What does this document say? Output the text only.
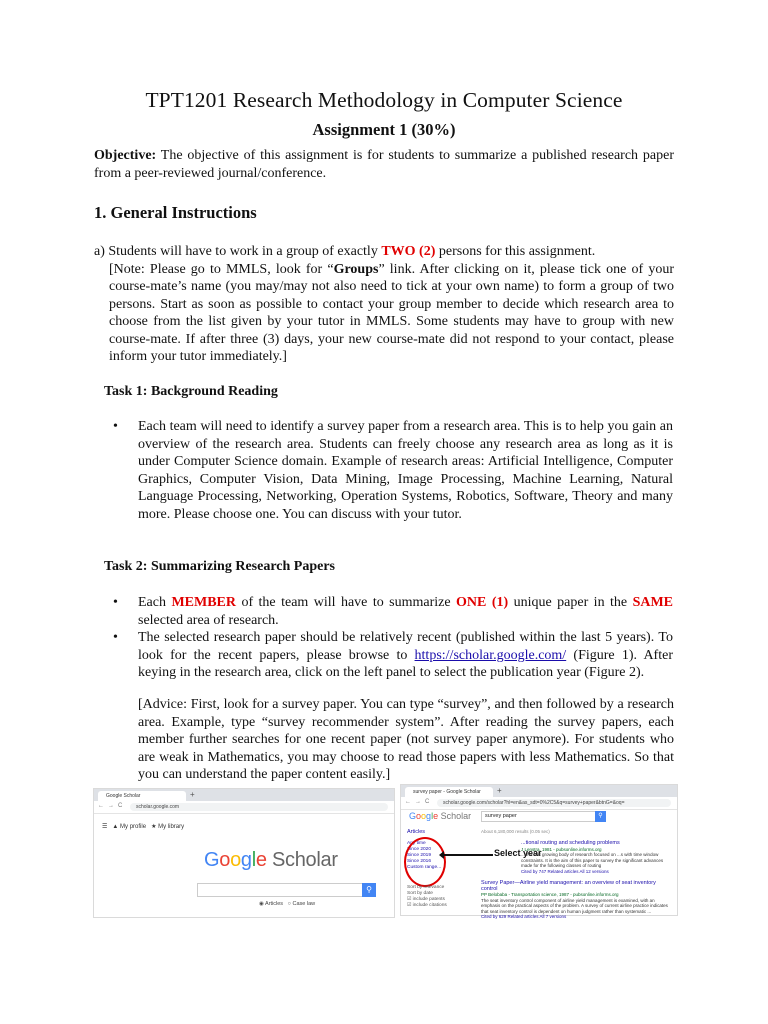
TPT1201 Research Methodology in Computer Science
Assignment 1 (30%)
Objective: The objective of this assignment is for students to summarize a published research paper from a peer-reviewed journal/conference.
1. General Instructions
a) Students will have to work in a group of exactly TWO (2) persons for this assignment.
[Note: Please go to MMLS, look for “Groups” link. After clicking on it, please tick one of your course-mate’s name (you may/may not also need to tick at your own name) to form a group of two persons. Start as soon as possible to contact your group member to decide which research area to choose from the list given by your tutor in MMLS. Some students may have to group with new course-mate. If after three (3) days, your new course-mate did not respond to your contact, please inform your tutor immediately.]
Task 1: Background Reading
• Each team will need to identify a survey paper from a research area. This is to help you gain an overview of the research area. Students can freely choose any research area as long as it is under Computer Science domain. Example of research areas: Artificial Intelligence, Computer Graphics, Computer Vision, Data Mining, Image Processing, Machine Learning, Natural Language Processing, Networking, Operation Systems, Robotics, Software, Theory and many more. Please choose one. You can discuss with your tutor.
Task 2: Summarizing Research Papers
• Each MEMBER of the team will have to summarize ONE (1) unique paper in the SAME selected area of research.
• The selected research paper should be relatively recent (published within the last 5 years). To look for the recent papers, please browse to https://scholar.google.com/ (Figure 1). After keying in the research area, click on the left panel to select the publication year (Figure 2).
[Advice: First, look for a survey paper. You can type “survey”, and then followed by a research area. Example, type “survey recommender system”. After reading the survey papers, each member further searches for one recent paper (not survey paper anymore). For students who are weak in Mathematics, you may choose to read those papers with less Mathematics. So that you can understand the paper content easily.]
Google Scholar	+
←→C	scholar.google.com
☰ ▲ My profile ★ My library
Google Scholar
⚲
◉ Articles   ○ Case law
survey paper - Google Scholar	+
←→C	scholar.google.com/scholar?hl=en&as_sdt=0%2C5&q=survey+paper&btnG=&oq=
Google Scholar	survey paper	⚲
Articles	About 6,180,000 results (0.05 sec)
Any time
Since 2020
Since 2019
Since 2016
Custom range...
Select year
Sort by relevance
Sort by date
☑ include patents
☑ include citations
...tional routing and scheduling problems
J Lenstra, 1981 - pubsonline.informs.org
...of a fast growing body of research focused on ...s with time window constraints. It is the aim of this paper to survey the significant advances made for the following classes of routing
Cited by 747 Related articles All 12 versions
Survey Paper—Airline yield management: an overview of seat inventory control
PP Belobaba - Transportation science, 1987 - pubsonline.informs.org
The seat inventory control component of airline yield management is examined, with an emphasis on the practical aspects of the problem. A survey of current airline practice indicates that seat inventory control is dependent on human judgment rather than systematic ...
Cited by 629 Related articles All 7 versions
